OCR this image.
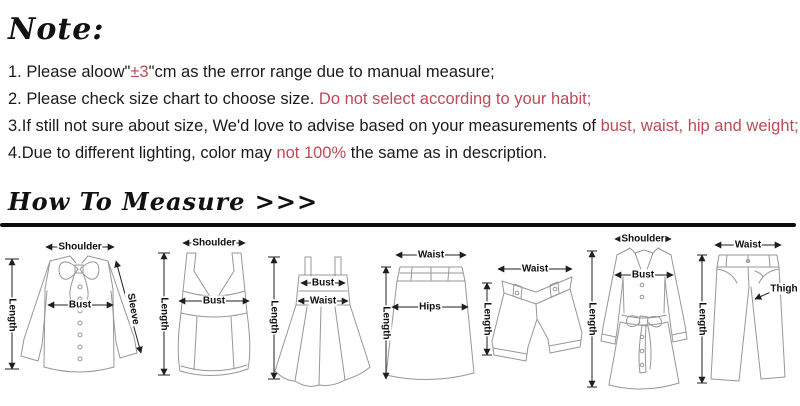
Note:

1. Please aloow"±3"cm as the error range due to manual measure;

2. Please check size chart to choose size. Do not select according to your habit;

3.If still not sure about size, We'd love to advise based on your measurements of bust, waist, hip and weight;

4.Due to different lighting, color may not 100% the same as in description.

How To Measure >>>
Shoulder
Length	Bust	Sleeve
Shoulder
Length	Bust	Length
Bust
Waist
Waist
Length	Hips
Waist
Length
Shoulder
Length
Bust
Waist
Length
Thigh
